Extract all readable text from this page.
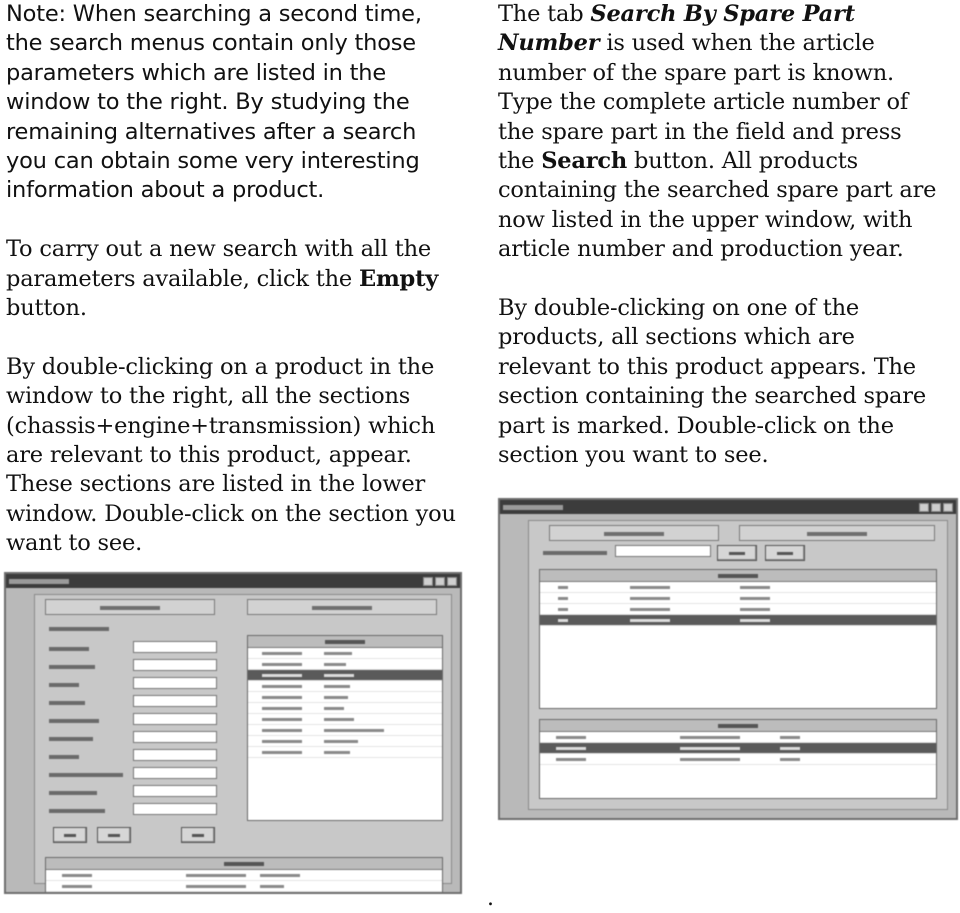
Note: When searching a second time, the search menus contain only those parameters which are listed in the window to the right. By studying the remaining alternatives after a search you can obtain some very interesting information about a product.

To carry out a new search with all the parameters available, click the Empty button.

By double-clicking on a product in the window to the right, all the sections (chassis+engine+transmission) which are relevant to this product, appear. These sections are listed in the lower window. Double-click on the section you want to see.

The tab Search By Spare Part Number is used when the article number of the spare part is known. Type the complete article number of the spare part in the field and press the Search button. All products containing the searched spare part are now listed in the upper window, with article number and production year.

By double-clicking on one of the products, all sections which are relevant to this product appears. The section containing the searched spare part is marked. Double-click on the section you want to see.

.
